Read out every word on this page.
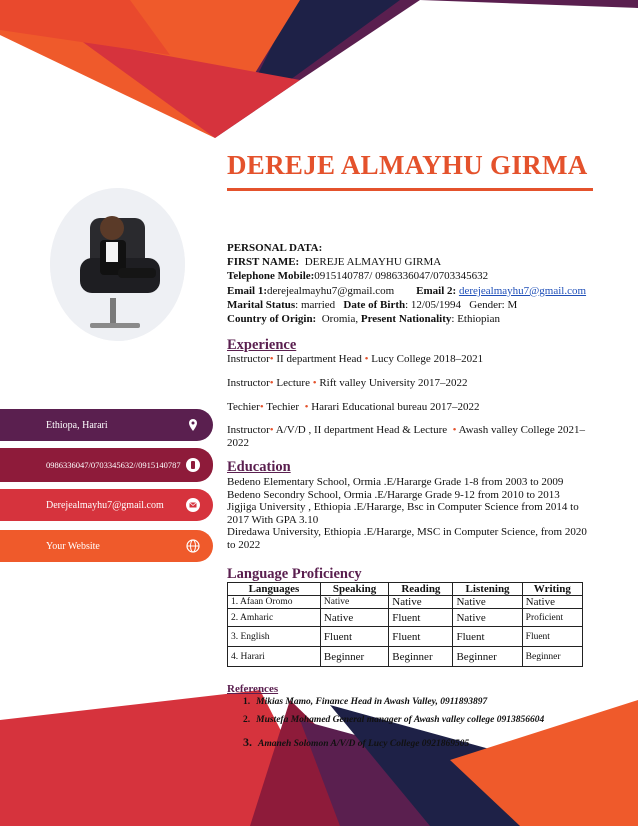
DEREJE ALMAYHU GIRMA
Ethiopa, Harari
0986336047/0703345632//0915140787
Derejealmayhu7@gmail.com
Your Website
PERSONAL DATA:
FIRST NAME: DEREJE ALMAYHU GIRMA
Telephone Mobile:0915140787/ 0986336047/0703345632
Email 1:derejealmayhu7@gmail.com Email 2: derejealmayhu7@gmail.com
Marital Status: married Date of Birth: 12/05/1994 Gender: M
Country of Origin: Oromia, Present Nationality: Ethiopian
Experience
Instructor• II department Head • Lucy College 2018–2021
Instructor• Lecture • Rift valley University 2017–2022
Techier• Techier • Harari Educational bureau 2017–2022
Instructor• A/V/D , II department Head & Lecture • Awash valley College 2021–2022
Education
Bedeno Elementary School, Ormia .E/Hararge Grade 1-8 from 2003 to 2009
Bedeno Secondry School, Ormia .E/Hararge Grade 9-12 from 2010 to 2013
Jigjiga University , Ethiopia .E/Hararge, Bsc in Computer Science from 2014 to 2017 With GPA 3.10
Diredawa University, Ethiopia .E/Hararge, MSC in Computer Science, from 2020 to 2022
Language Proficiency
Languages	Speaking	Reading	Listening	Writing
1. Afaan Oromo	Native	Native	Native	Native
2. Amharic	Native	Fluent	Native	Proficient
3. English	Fluent	Fluent	Fluent	Fluent
4. Harari	Beginner	Beginner	Beginner	Beginner
References
1. Mikias Mamo, Finance Head in Awash Valley, 0911893897
2. Mustefa Mohamed General manager of Awash valley college 0913856604
3. Amaneh Solomon A/V/D of Lucy College 0921869505
